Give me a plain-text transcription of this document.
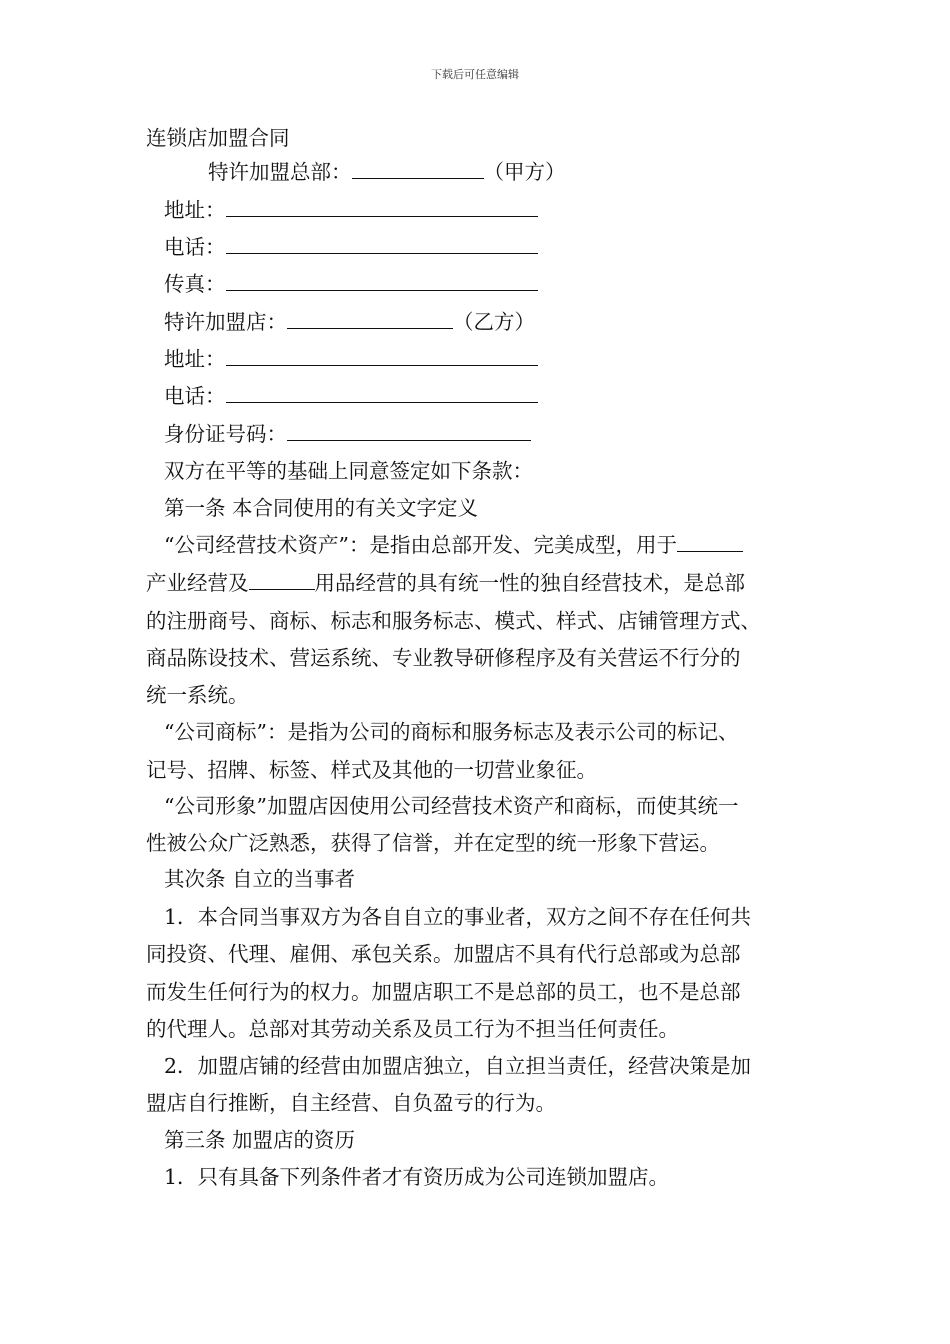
下载后可任意编辑
连锁店加盟合同
特许加盟总部：	（甲方）
地址：
电话：
传真：
特许加盟店：	（乙方）
地址：
电话：
身份证号码：
双方在平等的基础上同意签定如下条款：
第一条 本合同使用的有关文字定义
“公司经营技术资产”：是指由总部开发、完美成型，用于
产业经营及	用品经营的具有统一性的独自经营技术，是总部
的注册商号、商标、标志和服务标志、模式、样式、店铺管理方式、
商品陈设技术、营运系统、专业教导研修程序及有关营运不行分的
统一系统。
“公司商标”：是指为公司的商标和服务标志及表示公司的标记、
记号、招牌、标签、样式及其他的一切营业象征。
“公司形象”加盟店因使用公司经营技术资产和商标，而使其统一
性被公众广泛熟悉，获得了信誉，并在定型的统一形象下营运。
其次条 自立的当事者
1．本合同当事双方为各自自立的事业者，双方之间不存在任何共
同投资、代理、雇佣、承包关系。加盟店不具有代行总部或为总部
而发生任何行为的权力。加盟店职工不是总部的员工，也不是总部
的代理人。总部对其劳动关系及员工行为不担当任何责任。
2．加盟店铺的经营由加盟店独立，自立担当责任，经营决策是加
盟店自行推断，自主经营、自负盈亏的行为。
第三条 加盟店的资历
1．只有具备下列条件者才有资历成为公司连锁加盟店。
